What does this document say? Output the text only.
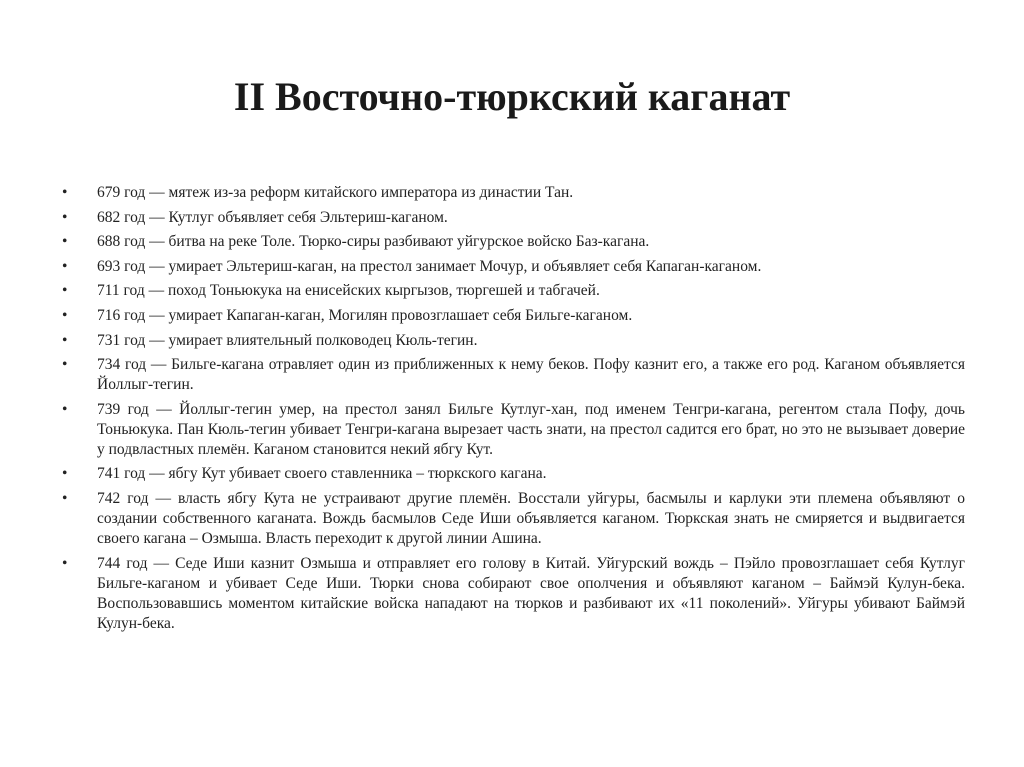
II Восточно-тюркский каганат
• 679 год — мятеж из-за реформ китайского императора из династии Тан.
• 682 год — Кутлуг объявляет себя Эльтериш-каганом.
• 688 год — битва на реке Толе. Тюрко-сиры разбивают уйгурское войско Баз-кагана.
• 693 год — умирает Эльтериш-каган, на престол занимает Мочур, и объявляет себя Капаган-каганом.
• 711 год — поход Тоньюкука на енисейских кыргызов, тюргешей и табгачей.
• 716 год — умирает Капаган-каган, Могилян провозглашает себя Бильге-каганом.
• 731 год — умирает влиятельный полководец Кюль-тегин.
• 734 год — Бильге-кагана отравляет один из приближенных к нему беков. Пофу казнит его, а также его род. Каганом объявляется Йоллыг-тегин.
• 739 год — Йоллыг-тегин умер, на престол занял Бильге Кутлуг-хан, под именем Тенгри-кагана, регентом стала Пофу, дочь Тоньюкука. Пан Кюль-тегин убивает Тенгри-кагана вырезает часть знати, на престол садится его брат, но это не вызывает доверие у подвластных племён. Каганом становится некий ябгу Кут.
• 741 год — ябгу Кут убивает своего ставленника – тюркского кагана.
• 742 год — власть ябгу Кута не устраивают другие племён. Восстали уйгуры, басмылы и карлуки эти племена объявляют о создании собственного каганата. Вождь басмылов Седе Иши объявляется каганом. Тюркская знать не смиряется и выдвигается своего кагана – Озмыша. Власть переходит к другой линии Ашина.
• 744 год — Седе Иши казнит Озмыша и отправляет его голову в Китай. Уйгурский вождь – Пэйло провозглашает себя Кутлуг Бильге-каганом и убивает Седе Иши. Тюрки снова собирают свое ополчения и объявляют каганом – Баймэй Кулун-бека. Воспользовавшись моментом китайские войска нападают на тюрков и разбивают их «11 поколений». Уйгуры убивают Баймэй Кулун-бека.
